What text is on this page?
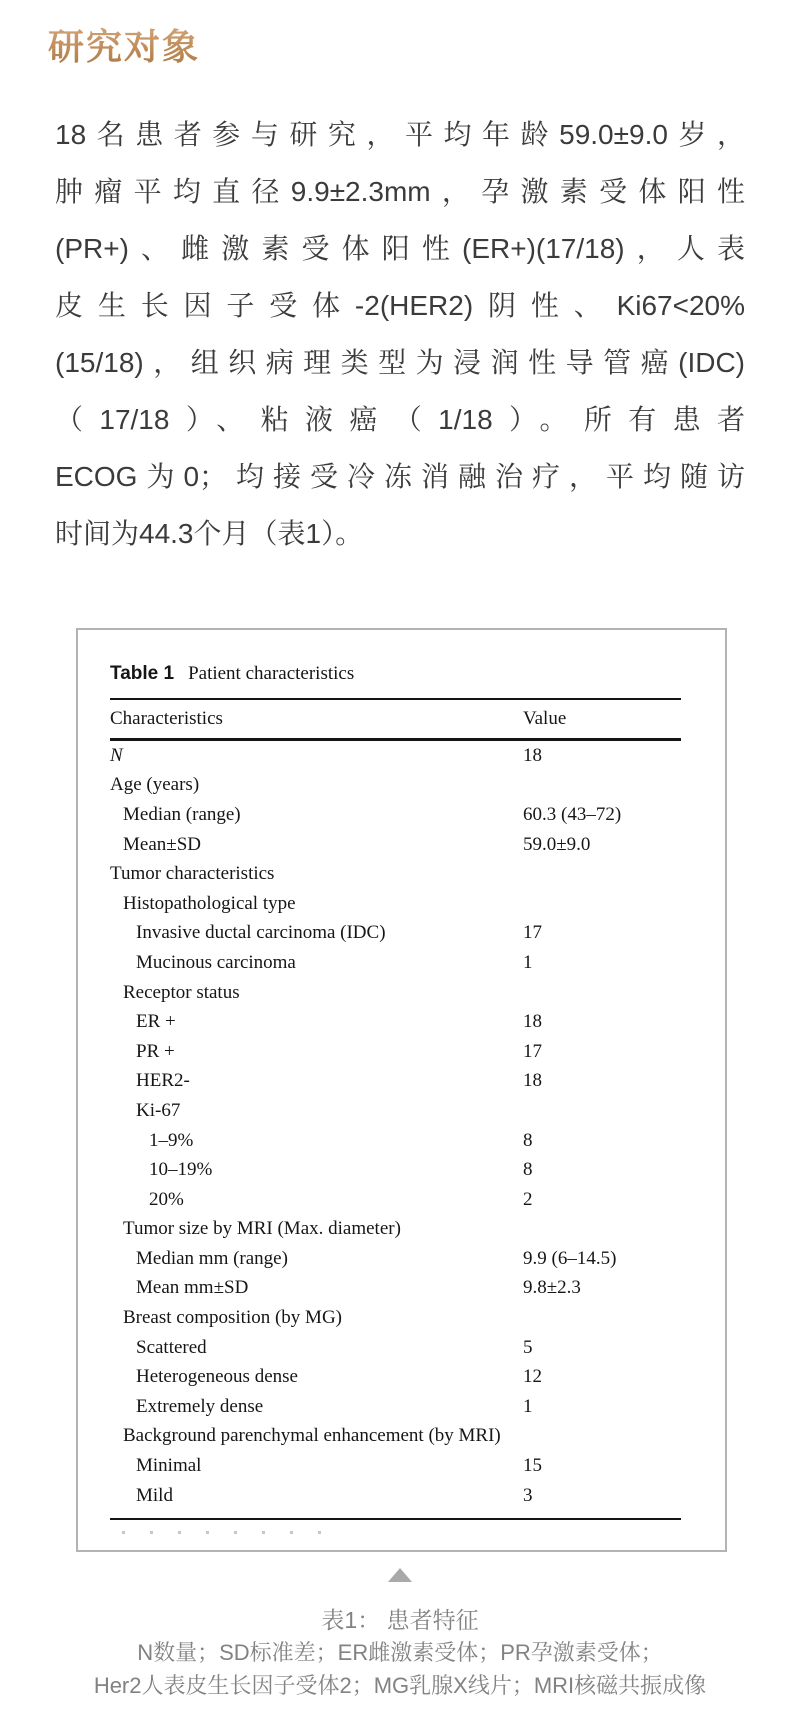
研究对象
18名患者参与研究，平均年龄59.0±9.0岁，
肿瘤平均直径9.9±2.3mm，孕激素受体阳性
(PR+)、雌激素受体阳性(ER+)(17/18)，人表
皮生长因子受体-2(HER2)阴性、Ki67<20%
(15/18)，组织病理类型为浸润性导管癌(IDC)
（17/18）、粘液癌（1/18）。所有患者
ECOG为0；均接受冷冻消融治疗，平均随访
时间为44.3个月（表1）。
Table 1 Patient characteristics
Characteristics	Value
N	18
Age (years)
Median (range)	60.3 (43–72)
Mean±SD	59.0±9.0
Tumor characteristics
Histopathological type
Invasive ductal carcinoma (IDC)	17
Mucinous carcinoma	1
Receptor status
ER +	18
PR +	17
HER2-	18
Ki-67
1–9%	8
10–19%	8
20%	2
Tumor size by MRI (Max. diameter)
Median mm (range)	9.9 (6–14.5)
Mean mm±SD	9.8±2.3
Breast composition (by MG)
Scattered	5
Heterogeneous dense	12
Extremely dense	1
Background parenchymal enhancement (by MRI)
Minimal	15
Mild	3
表1： 患者特征
N数量；SD标准差；ER雌激素受体；PR孕激素受体；
Her2人表皮生长因子受体2；MG乳腺X线片；MRI核磁共振成像
